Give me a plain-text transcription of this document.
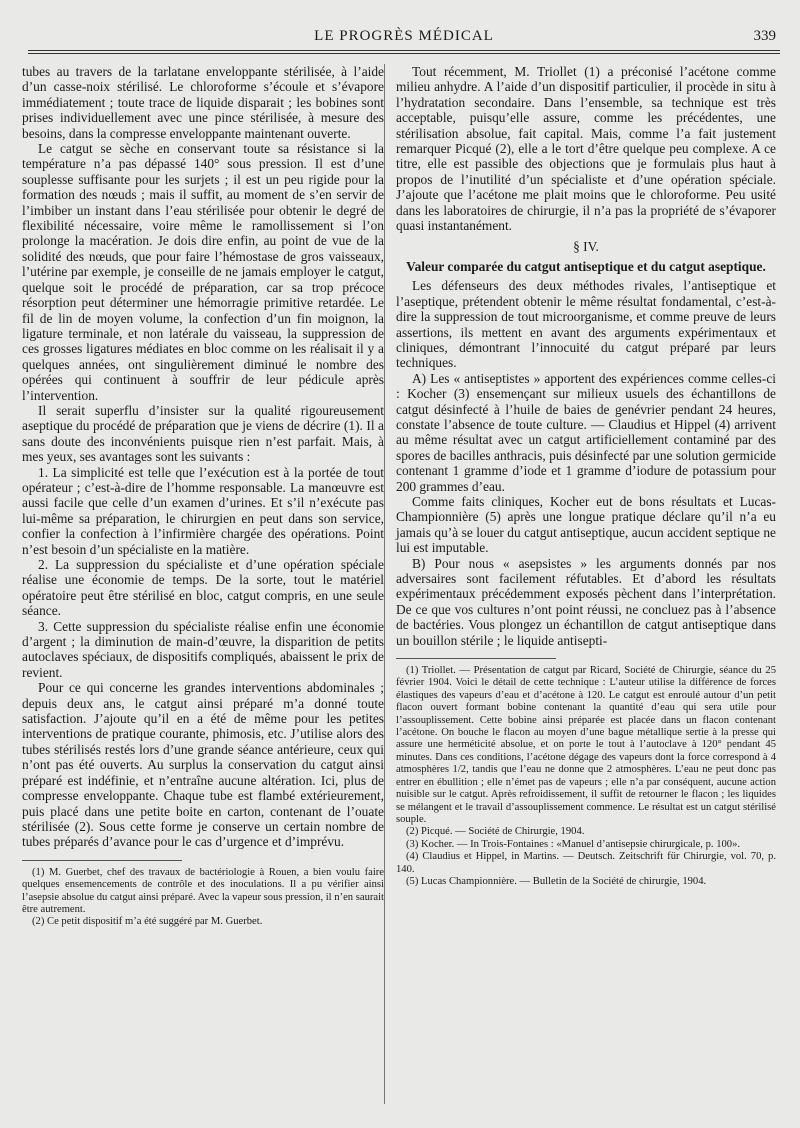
LE PROGRÈS MÉDICAL	339

tubes au travers de la tarlatane enveloppante stérilisée, à l’aide d’un casse-noix stérilisé. Le chloroforme s’écoule et s’évapore immédiatement ; toute trace de liquide disparait ; les bobines sont prises individuellement avec une pince stérilisée, à mesure des besoins, dans la compresse enveloppante maintenant ouverte.

Le catgut se sèche en conservant toute sa résistance si la température n’a pas dépassé 140° sous pression. Il est d’une souplesse suffisante pour les surjets ; il est un peu rigide pour la formation des nœuds ; mais il suffit, au moment de s’en servir de l’imbiber un instant dans l’eau stérilisée pour obtenir le degré de flexibilité nécessaire, voire même le ramollissement si l’on prolonge la macération. Je dois dire enfin, au point de vue de la solidité des nœuds, que pour faire l’hémostase de gros vaisseaux, l’utérine par exemple, je conseille de ne jamais employer le catgut, quelque soit le procédé de préparation, car sa trop précoce résorption peut déterminer une hémorragie primitive retardée. Le fil de lin de moyen volume, la confection d’un fin moignon, la ligature terminale, et non latérale du vaisseau, la suppression de ces grosses ligatures médiates en bloc comme on les réalisait il y a quelques années, ont singulièrement diminué le nombre des opérées qui continuent à souffrir de leur pédicule après l’intervention.

Il serait superflu d’insister sur la qualité rigoureusement aseptique du procédé de préparation que je viens de décrire (1). Il a sans doute des inconvénients puisque rien n’est parfait. Mais, à mes yeux, ses avantages sont les suivants :

1. La simplicité est telle que l’exécution est à la portée de tout opérateur ; c’est-à-dire de l’homme responsable. La manœuvre est aussi facile que celle d’un examen d’urines. Et s’il n’exécute pas lui-même sa préparation, le chirurgien en peut dans son service, confier la confection à l’infirmière chargée des opérations. Point n’est besoin d’un spécialiste en la matière.

2. La suppression du spécialiste et d’une opération spéciale réalise une économie de temps. De la sorte, tout le matériel opératoire peut être stérilisé en bloc, catgut compris, en une seule séance.

3. Cette suppression du spécialiste réalise enfin une économie d’argent ; la diminution de main-d’œuvre, la disparition de petits autoclaves spéciaux, de dispositifs compliqués, abaissent le prix de revient.

Pour ce qui concerne les grandes interventions abdominales ; depuis deux ans, le catgut ainsi préparé m’a donné toute satisfaction. J’ajoute qu’il en a été de même pour les petites interventions de pratique courante, phimosis, etc. J’utilise alors des tubes stérilisés restés lors d’une grande séance antérieure, ceux qui n’ont pas été ouverts. Au surplus la conservation du catgut ainsi préparé est indéfinie, et n’entraîne aucune altération. Ici, plus de compresse enveloppante. Chaque tube est flambé extérieurement, puis placé dans une petite boite en carton, contenant de l’ouate stérilisée (2). Sous cette forme je conserve un certain nombre de tubes préparés d’avance pour le cas d’urgence et d’imprévu.

(1) M. Guerbet, chef des travaux de bactériologie à Rouen, a bien voulu faire quelques ensemencements de contrôle et des inoculations. Il a pu vérifier ainsi l’asepsie absolue du catgut ainsi préparé. Avec la vapeur sous pression, il n’en saurait être autrement.

(2) Ce petit dispositif m’a été suggéré par M. Guerbet.

Tout récemment, M. Triollet (1) a préconisé l’acétone comme milieu anhydre. A l’aide d’un dispositif particulier, il procède in situ à l’hydratation secondaire. Dans l’ensemble, sa technique est très acceptable, puisqu’elle assure, comme les précédentes, une stérilisation absolue, fait capital. Mais, comme l’a fait justement remarquer Picqué (2), elle a le tort d’être quelque peu complexe. A ce titre, elle est passible des objections que je formulais plus haut à propos de l’inutilité d’un spécialiste et d’une opération spéciale. J’ajoute que l’acétone me plait moins que le chloroforme. Peu usité dans les laboratoires de chirurgie, il n’a pas la propriété de s’évaporer quasi instantanément.

§ IV.
Valeur comparée du catgut antiseptique et du catgut aseptique.

Les défenseurs des deux méthodes rivales, l’antiseptique et l’aseptique, prétendent obtenir le même résultat fondamental, c’est-à-dire la suppression de tout microorganisme, et comme preuve de leurs assertions, ils mettent en avant des arguments expérimentaux et cliniques, démontrant l’innocuité du catgut préparé par leurs techniques.

A) Les « antiseptistes » apportent des expériences comme celles-ci : Kocher (3) ensemençant sur milieux usuels des échantillons de catgut désinfecté à l’huile de baies de genévrier pendant 24 heures, constate l’absence de toute culture. — Claudius et Hippel (4) arrivent au même résultat avec un catgut artificiellement contaminé par des spores de bacilles anthracis, puis désinfecté par une solution germicide contenant 1 gramme d’iode et 1 gramme d’iodure de potassium pour 200 grammes d’eau.

Comme faits cliniques, Kocher eut de bons résultats et Lucas-Championnière (5) après une longue pratique déclare qu’il n’a eu jamais qu’à se louer du catgut antiseptique, aucun accident septique ne lui est imputable.

B) Pour nous « asepsistes » les arguments donnés par nos adversaires sont facilement réfutables. Et d’abord les résultats expérimentaux précédemment exposés pèchent dans l’interprétation. De ce que vos cultures n’ont point réussi, ne concluez pas à l’absence de bactéries. Vous plongez un échantillon de catgut antiseptique dans un bouillon stérile ; le liquide antisepti-

(1) Triollet. — Présentation de catgut par Ricard, Société de Chirurgie, séance du 25 février 1904. Voici le détail de cette technique : L’auteur utilise la différence de forces élastiques des vapeurs d’eau et d’acétone à 120. Le catgut est enroulé autour d’un petit flacon ouvert formant bobine contenant la quantité d’eau qui sera utile pour l’assouplissement. Cette bobine ainsi préparée est placée dans un flacon contenant l’acétone. On bouche le flacon au moyen d’une bague métallique sertie à la presse qui assure une herméticité absolue, et on porte le tout à l’autoclave à 120° pendant 45 minutes. Dans ces conditions, l’acétone dégage des vapeurs dont la force correspond à 4 atmosphères 1/2, tandis que l’eau ne donne que 2 atmosphères. L’eau ne peut donc pas entrer en ébullition ; elle n’émet pas de vapeurs ; elle n’a par conséquent, aucune action nuisible sur le catgut. Après refroidissement, il suffit de retourner le flacon ; les liquides se mélangent et le travail d’assouplissement commence. Le résultat est un catgut stérilisé souple.

(2) Picqué. — Société de Chirurgie, 1904.

(3) Kocher. — In Trois-Fontaines : «Manuel d’antisepsie chirurgicale, p. 100».

(4) Claudius et Hippel, in Martins. — Deutsch. Zeitschrift für Chirurgie, vol. 70, p. 140.

(5) Lucas Championnière. — Bulletin de la Société de chirurgie, 1904.
